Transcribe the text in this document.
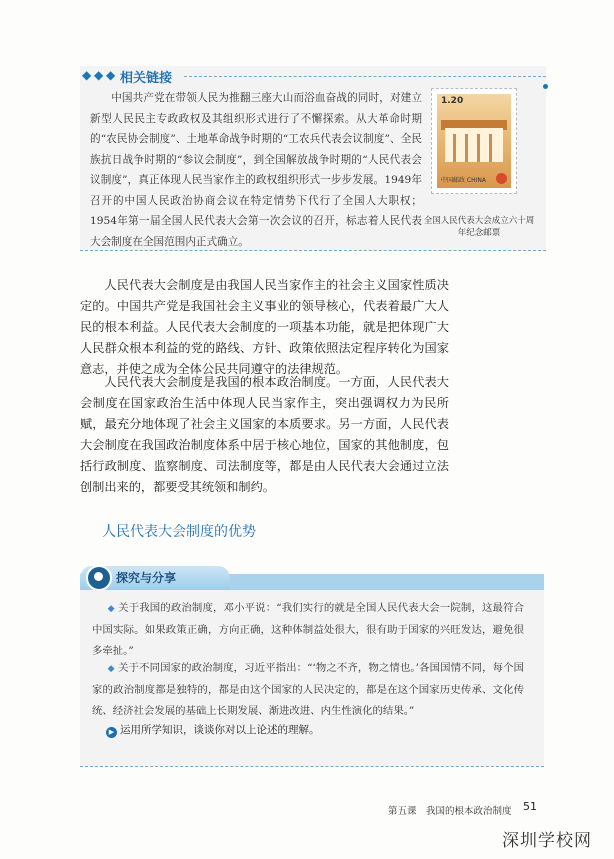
◆ ◆ ◆ 相关链接
中国共产党在带领人民为推翻三座大山而浴血奋战的同时，对建立新型人民民主专政政权及其组织形式进行了不懈探索。从大革命时期的“农民协会制度”、土地革命战争时期的“工农兵代表会议制度”、全民族抗日战争时期的“参议会制度”，到全国解放战争时期的“人民代表会议制度”，真正体现人民当家作主的政权组织形式一步步发展。1949年召开的中国人民政治协商会议在特定情势下代行了全国人大职权；1954年第一届全国人民代表大会第一次会议的召开，标志着人民代表大会制度在全国范围内正式确立。
1.20
中国邮政 CHINA
全国人民代表大会成立六十周年纪念邮票
人民代表大会制度是由我国人民当家作主的社会主义国家性质决定的。中国共产党是我国社会主义事业的领导核心，代表着最广大人民的根本利益。人民代表大会制度的一项基本功能，就是把体现广大人民群众根本利益的党的路线、方针、政策依照法定程序转化为国家意志，并使之成为全体公民共同遵守的法律规范。
人民代表大会制度是我国的根本政治制度。一方面，人民代表大会制度在国家政治生活中体现人民当家作主，突出强调权力为民所赋，最充分地体现了社会主义国家的本质要求。另一方面，人民代表大会制度在我国政治制度体系中居于核心地位，国家的其他制度，包括行政制度、监察制度、司法制度等，都是由人民代表大会通过立法创制出来的，都要受其统领和制约。
人民代表大会制度的优势
探究与分享
◆ 关于我国的政治制度，邓小平说：“我们实行的就是全国人民代表大会一院制，这最符合中国实际。如果政策正确，方向正确，这种体制益处很大，很有助于国家的兴旺发达，避免很多牵扯。”
◆ 关于不同国家的政治制度，习近平指出：“‘物之不齐，物之情也。’各国国情不同，每个国家的政治制度都是独特的，都是由这个国家的人民决定的，都是在这个国家历史传承、文化传统、经济社会发展的基础上长期发展、渐进改进、内生性演化的结果。”
▶ 运用所学知识，谈谈你对以上论述的理解。
第五课　我国的根本政治制度 51
深圳学校网
